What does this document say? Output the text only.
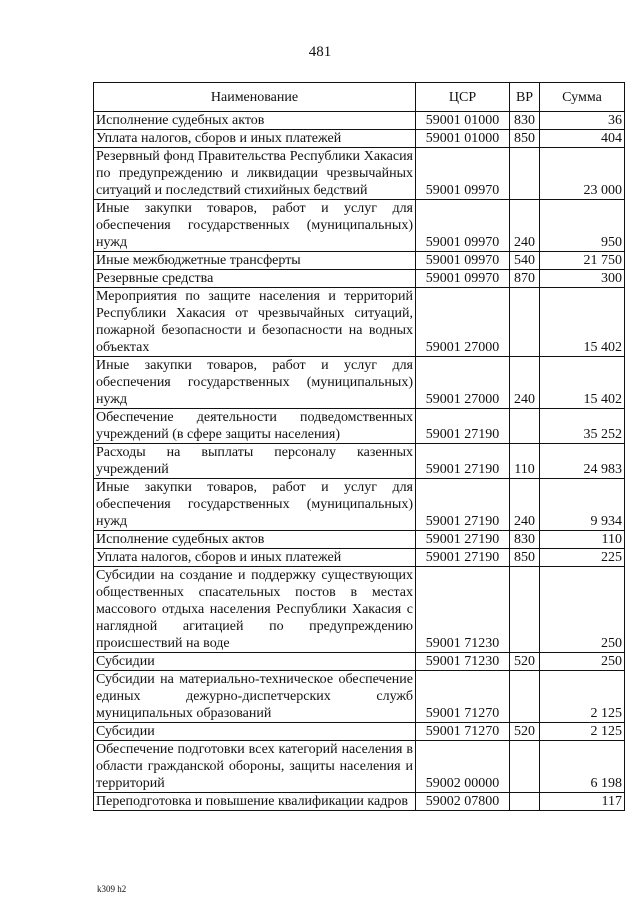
481
Наименование	ЦСР	ВР	Сумма
Исполнение судебных актов	59001 01000	830	36
Уплата налогов, сборов и иных платежей	59001 01000	850	404
Резервный фонд Правительства Республики Хакасия по предупреждению и ликвидации чрезвычайных ситуаций и последствий стихийных бедствий	59001 09970		23 000
Иные закупки товаров, работ и услуг для обеспечения государственных (муниципальных) нужд	59001 09970	240	950
Иные межбюджетные трансферты	59001 09970	540	21 750
Резервные средства	59001 09970	870	300
Мероприятия по защите населения и территорий Республики Хакасия от чрезвычайных ситуаций, пожарной безопасности и безопасности на водных объектах	59001 27000		15 402
Иные закупки товаров, работ и услуг для обеспечения государственных (муниципальных) нужд	59001 27000	240	15 402
Обеспечение деятельности подведомственных учреждений (в сфере защиты населения)	59001 27190		35 252
Расходы на выплаты персоналу казенных учреждений	59001 27190	110	24 983
Иные закупки товаров, работ и услуг для обеспечения государственных (муниципальных) нужд	59001 27190	240	9 934
Исполнение судебных актов	59001 27190	830	110
Уплата налогов, сборов и иных платежей	59001 27190	850	225
Субсидии на создание и поддержку существующих общественных спасательных постов в местах массового отдыха населения Республики Хакасия с наглядной агитацией по предупреждению происшествий на воде	59001 71230		250
Субсидии	59001 71230	520	250
Субсидии на материально-техническое обеспечение единых дежурно-диспетчерских служб муниципальных образований	59001 71270		2 125
Субсидии	59001 71270	520	2 125
Обеспечение подготовки всех категорий населения в области гражданской обороны, защиты населения и территорий	59002 00000		6 198
Переподготовка и повышение квалификации кадров	59002 07800		117
k309 h2
